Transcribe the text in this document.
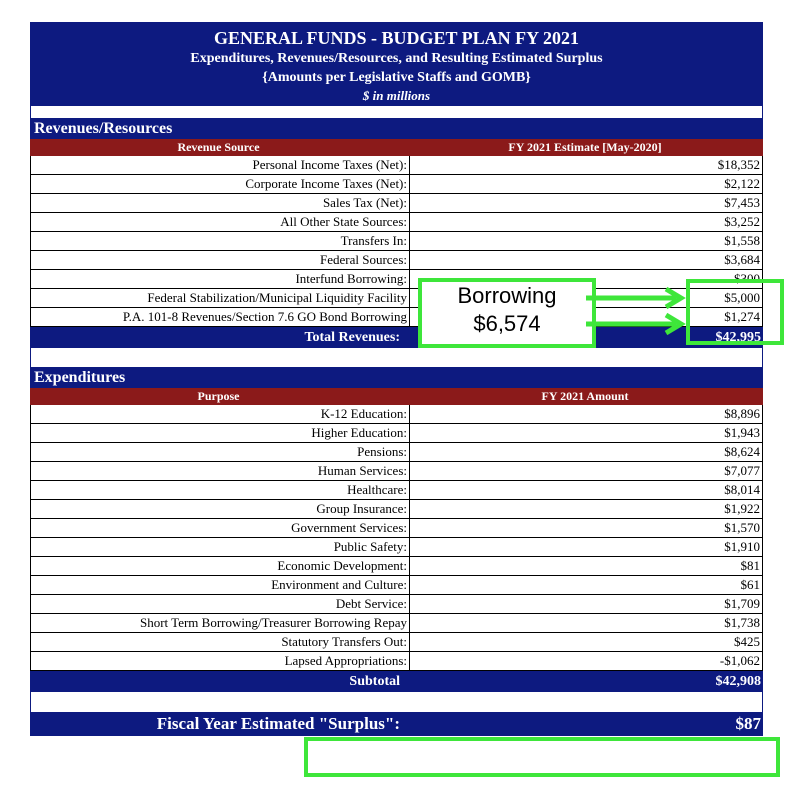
GENERAL FUNDS - BUDGET PLAN FY 2021
Expenditures, Revenues/Resources, and Resulting Estimated Surplus
{Amounts per Legislative Staffs and GOMB}
$ in millions
Revenues/Resources
Revenue Source	FY 2021 Estimate [May-2020]
Personal Income Taxes (Net):	$18,352
Corporate Income Taxes (Net):	$2,122
Sales Tax (Net):	$7,453
All Other State Sources:	$3,252
Transfers In:	$1,558
Federal Sources:	$3,684
Interfund Borrowing:	$300
Federal Stabilization/Municipal Liquidity Facility	$5,000
P.A. 101-8 Revenues/Section 7.6 GO Bond Borrowing	$1,274
Total Revenues:	$42,995
Expenditures
Purpose	FY 2021 Amount
K-12 Education:	$8,896
Higher Education:	$1,943
Pensions:	$8,624
Human Services:	$7,077
Healthcare:	$8,014
Group Insurance:	$1,922
Government Services:	$1,570
Public Safety:	$1,910
Economic Development:	$81
Environment and Culture:	$61
Debt Service:	$1,709
Short Term Borrowing/Treasurer Borrowing Repay	$1,738
Statutory Transfers Out:	$425
Lapsed Appropriations:	-$1,062
Subtotal	$42,908
Fiscal Year Estimated "Surplus":	$87
Borrowing
$6,574
